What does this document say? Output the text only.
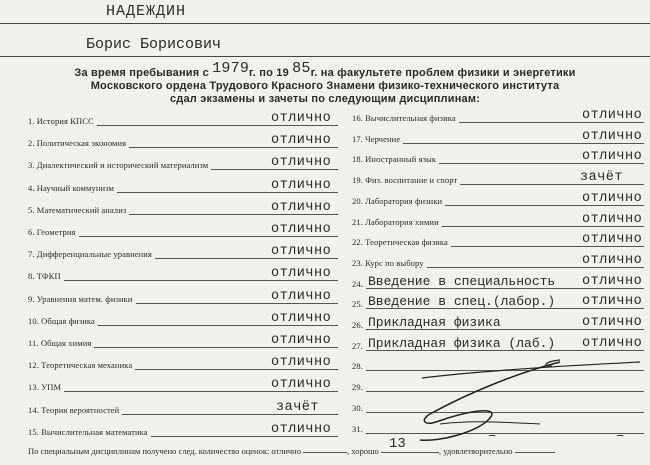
НАДЕЖДИН
Борис Борисович
За время пребывания с 1979г. по 19 85г. на факультете проблем физики и энергетики
Московского ордена Трудового Красного Знамени физико-технического института
сдал экзамены и зачеты по следующим дисциплинам:
1. История КПСС	отлично
2. Политическая экономия	отлично
3. Диалектический и исторический материализм	отлично
4. Научный коммунизм	отлично
5. Математический анализ	отлично
6. Геометрия	отлично
7. Дифференциальные уравнения	отлично
8. ТФКП	отлично
9. Уравнения матем. физики	отлично
10. Общая физика	отлично
11. Общая химия	отлично
12. Теоретическая механика	отлично
13. УПМ	отлично
14. Теория вероятностей	зачёт
15. Вычислительная математика	отлично
16. Вычислительная физика	отлично
17. Черчение	отлично
18. Иностранный язык	отлично
19. Физ. воспитание и спорт	зачёт
20. Лаборатория физики	отлично
21. Лаборатория химии	отлично
22. Теоретическая физика	отлично
23. Курс по выбору	отлично
24. Введение в специальность отлично
25. Введение в спец.(лабор.) отлично
26. Прикладная физика	отлично
27. Прикладная физика (лаб.) отлично
28.
29.
30.
31.
По специальным дисциплинам получено след. количество оценок: отлично	, хорошо	, удовлетворительно
13	–	–
